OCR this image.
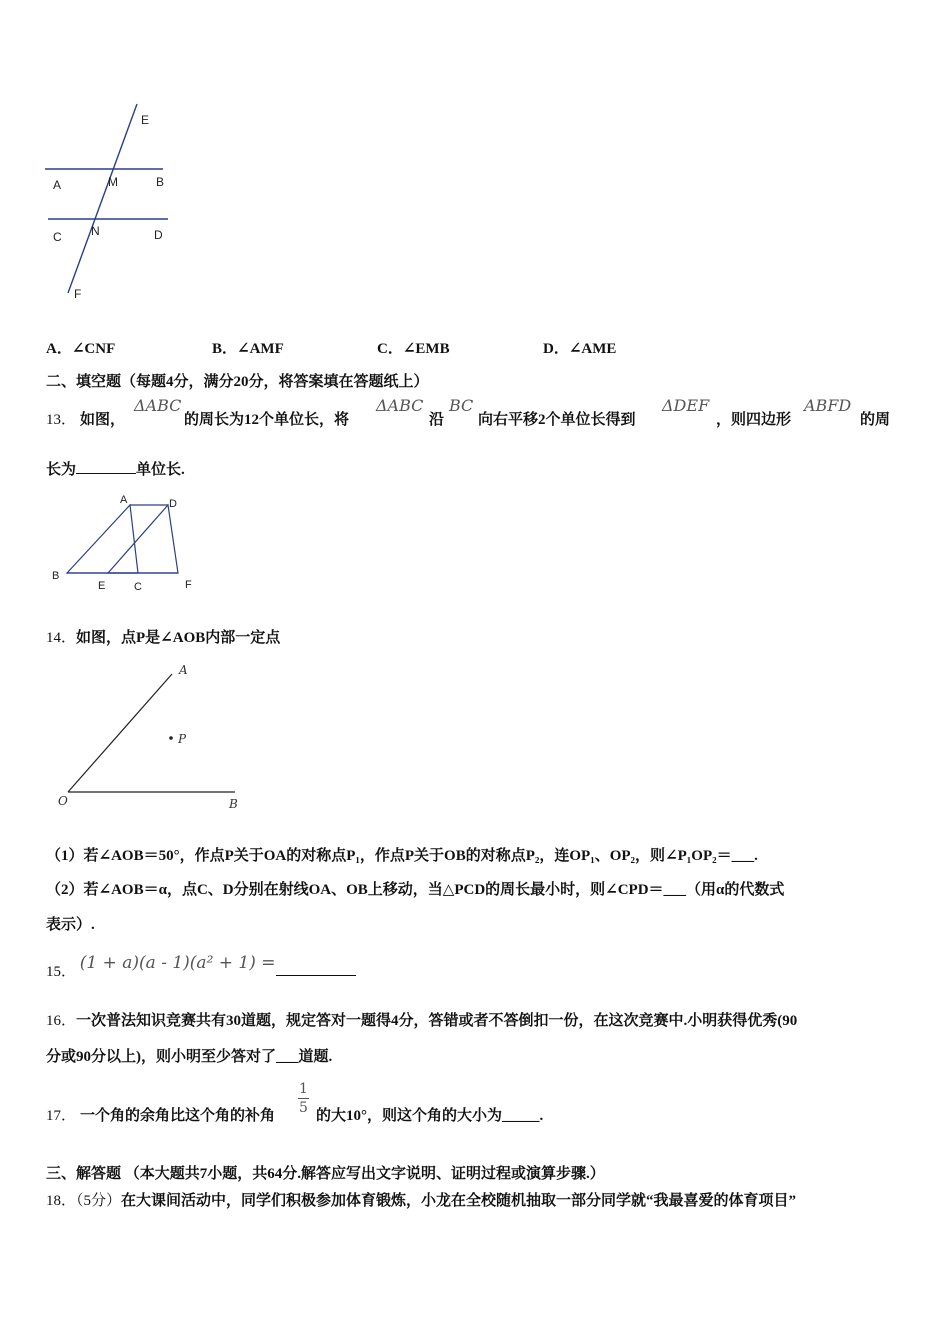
E
A	M	B
C N	D
F
A．∠CNF	B．∠AMF	C．∠EMB	D．∠AME
二、填空题（每题4分，满分20分，将答案填在答题纸上）
13． 如图，
ΔABC
的周长为12个单位长，将
ΔABC
沿
BC
向右平移2个单位长得到
ΔDEF
，则四边形
ABFD
的周
长为	单位长.
A	D
B
E	C	F
14．如图，点P是∠AOB内部一定点
A
P
O	B
（1）若∠AOB＝50°，作点P关于OA的对称点P₁，作点P关于OB的对称点P₂，连OP₁、OP₂，则∠P₁OP₂＝___.
（2）若∠AOB＝α，点C、D分别在射线OA、OB上移动，当△PCD的周长最小时，则∠CPD＝___（用α的代数式
表示）.
15． (1 + a)(a - 1)(a² + 1) =
16．一次普法知识竞赛共有30道题，规定答对一题得4分，答错或者不答倒扣一份，在这次竞赛中.小明获得优秀(90
分或90分以上)，则小明至少答对了___道题.
17． 一个角的余角比这个角的补角 $\frac{1}{5}$ 的大10°，则这个角的大小为_____.
三、解答题 （本大题共7小题，共64分.解答应写出文字说明、证明过程或演算步骤.）
18．（5分）在大课间活动中，同学们积极参加体育锻炼，小龙在全校随机抽取一部分同学就“我最喜爱的体育项目”
